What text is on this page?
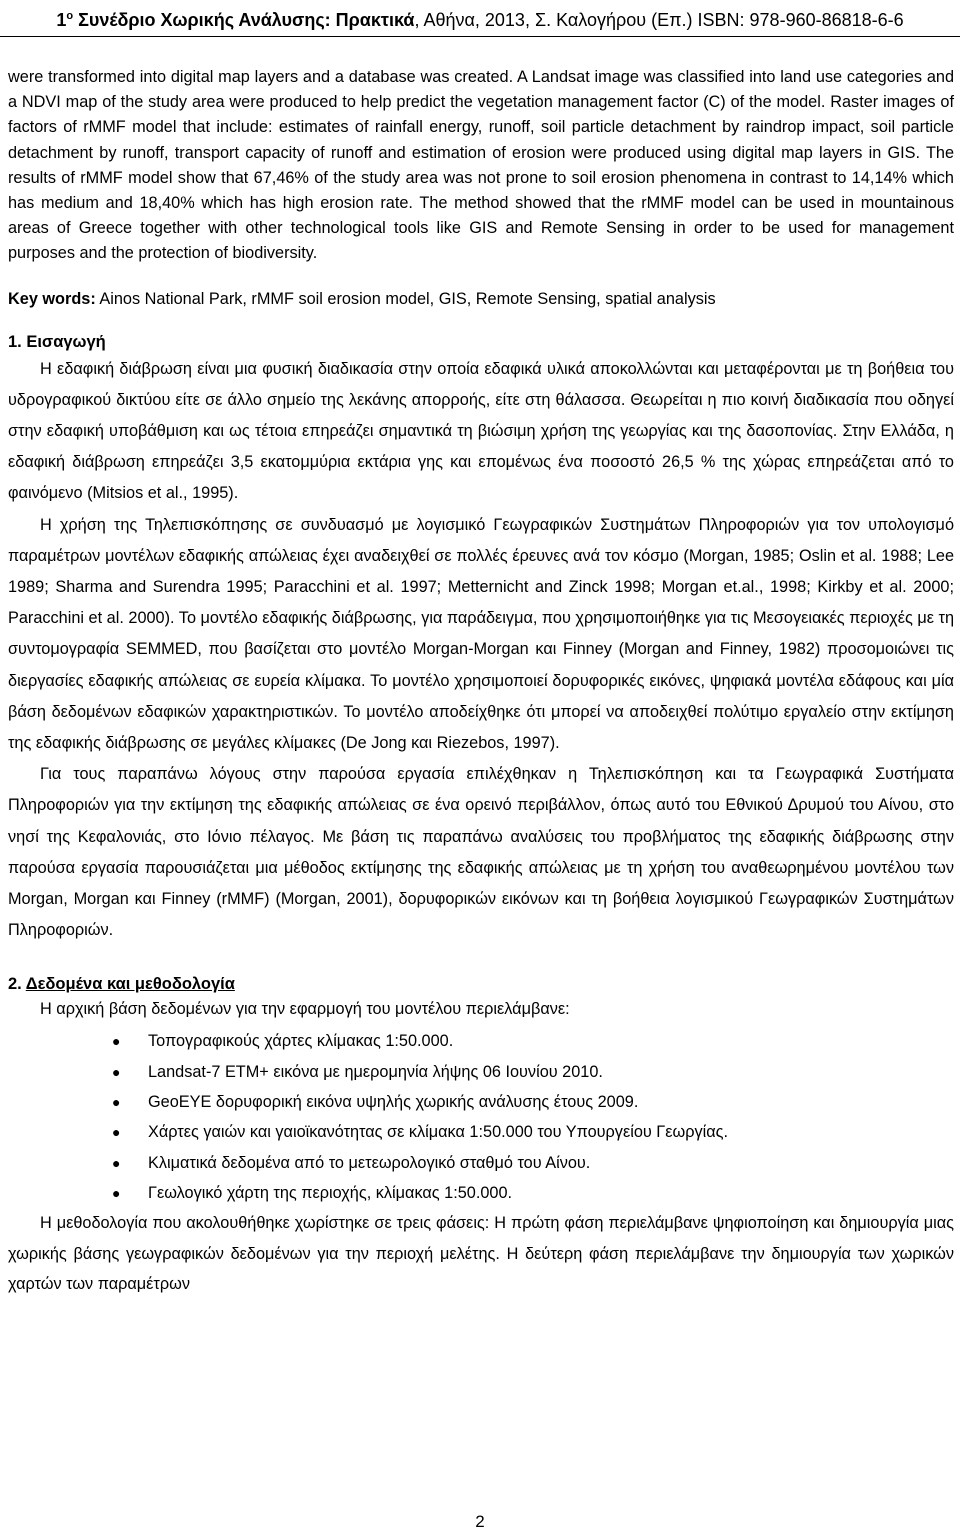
$1^o$ Συνέδριο Χωρικής Ανάλυσης: Πρακτικά, Αθήνα, 2013, Σ. Καλογήρου (Επ.) ISBN: 978-960-86818-6-6

were transformed into digital map layers and a database was created. A Landsat image was classified into land use categories and a NDVI map of the study area were produced to help predict the vegetation management factor (C) of the model. Raster images of factors of rMMF model that include: estimates of rainfall energy, runoff, soil particle detachment by raindrop impact, soil particle detachment by runoff, transport capacity of runoff and estimation of erosion were produced using digital map layers in GIS. The results of rMMF model show that 67,46% of the study area was not prone to soil erosion phenomena in contrast to 14,14% which has medium and 18,40% which has high erosion rate. The method showed that the rMMF model can be used in mountainous areas of Greece together with other technological tools like GIS and Remote Sensing in order to be used for management purposes and the protection of biodiversity.

Key words: Ainos National Park, rMMF soil erosion model, GIS, Remote Sensing, spatial analysis

1. Εισαγωγή

Η εδαφική διάβρωση είναι μια φυσική διαδικασία στην οποία εδαφικά υλικά αποκολλώνται και μεταφέρονται με τη βοήθεια του υδρογραφικού δικτύου είτε σε άλλο σημείο της λεκάνης απορροής, είτε στη θάλασσα. Θεωρείται η πιο κοινή διαδικασία που οδηγεί στην εδαφική υποβάθμιση και ως τέτοια επηρεάζει σημαντικά τη βιώσιμη χρήση της γεωργίας και της δασοπονίας. Στην Ελλάδα, η εδαφική διάβρωση επηρεάζει 3,5 εκατομμύρια εκτάρια γης και επομένως ένα ποσοστό 26,5 % της χώρας επηρεάζεται από το φαινόμενο (Mitsios et al., 1995).

Η χρήση της Τηλεπισκόπησης σε συνδυασμό με λογισμικό Γεωγραφικών Συστημάτων Πληροφοριών για τον υπολογισμό παραμέτρων μοντέλων εδαφικής απώλειας έχει αναδειχθεί σε πολλές έρευνες ανά τον κόσμο (Morgan, 1985; Oslin et al. 1988; Lee 1989; Sharma and Surendra 1995; Paracchini et al. 1997; Metternicht and Zinck 1998; Morgan et.al., 1998; Kirkby et al. 2000; Paracchini et al. 2000). Το μοντέλο εδαφικής διάβρωσης, για παράδειγμα, που χρησιμοποιήθηκε για τις Μεσογειακές περιοχές με τη συντομογραφία SEMMED, που βασίζεται στο μοντέλο Morgan-Morgan και Finney (Morgan and Finney, 1982) προσομοιώνει τις διεργασίες εδαφικής απώλειας σε ευρεία κλίμακα. Το μοντέλο χρησιμοποιεί δορυφορικές εικόνες, ψηφιακά μοντέλα εδάφους και μία βάση δεδομένων εδαφικών χαρακτηριστικών. Το μοντέλο αποδείχθηκε ότι μπορεί να αποδειχθεί πολύτιμο εργαλείο στην εκτίμηση της εδαφικής διάβρωσης σε μεγάλες κλίμακες (De Jong και Riezebos, 1997).

Για τους παραπάνω λόγους στην παρούσα εργασία επιλέχθηκαν η Τηλεπισκόπηση και τα Γεωγραφικά Συστήματα Πληροφοριών για την εκτίμηση της εδαφικής απώλειας σε ένα ορεινό περιβάλλον, όπως αυτό του Εθνικού Δρυμού του Αίνου, στο νησί της Κεφαλονιάς, στο Ιόνιο πέλαγος. Με βάση τις παραπάνω αναλύσεις του προβλήματος της εδαφικής διάβρωσης στην παρούσα εργασία παρουσιάζεται μια μέθοδος εκτίμησης της εδαφικής απώλειας με τη χρήση του αναθεωρημένου μοντέλου των Morgan, Morgan και Finney (rMMF) (Morgan, 2001), δορυφορικών εικόνων και τη βοήθεια λογισμικού Γεωγραφικών Συστημάτων Πληροφοριών.

2. Δεδομένα και μεθοδολογία

Η αρχική βάση δεδομένων για την εφαρμογή του μοντέλου περιελάμβανε:

● Τοπογραφικούς χάρτες κλίμακας 1:50.000.
● Landsat-7 ETM+ εικόνα με ημερομηνία λήψης 06 Ιουνίου 2010.
● GeoEYE δορυφορική εικόνα υψηλής χωρικής ανάλυσης έτους 2009.
● Χάρτες γαιών και γαιοϊκανότητας σε κλίμακα 1:50.000 του Υπουργείου Γεωργίας.
● Κλιματικά δεδομένα από το μετεωρολογικό σταθμό του Αίνου.
● Γεωλογικό χάρτη της περιοχής, κλίμακας 1:50.000.

Η μεθοδολογία που ακολουθήθηκε χωρίστηκε σε τρεις φάσεις: Η πρώτη φάση περιελάμβανε ψηφιοποίηση και δημιουργία μιας χωρικής βάσης γεωγραφικών δεδομένων για την περιοχή μελέτης. Η δεύτερη φάση περιελάμβανε την δημιουργία των χωρικών χαρτών των παραμέτρων

2
